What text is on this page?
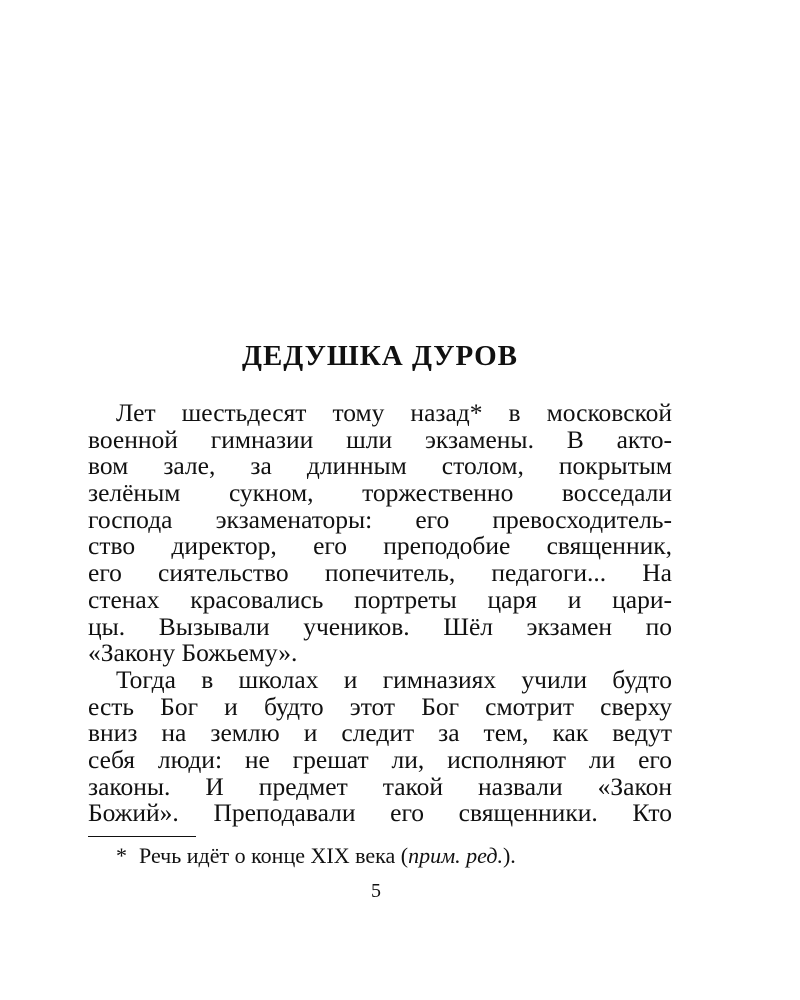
ДЕДУШКА ДУРОВ
Лет шестьдесят тому назад* в московской
военной гимназии шли экзамены. В акто-
вом зале, за длинным столом, покрытым
зелёным сукном, торжественно восседали
господа экзаменаторы: его превосходитель-
ство директор, его преподобие священник,
его сиятельство попечитель, педагоги... На
стенах красовались портреты царя и цари-
цы. Вызывали учеников. Шёл экзамен по
«Закону Божьему».
Тогда в школах и гимназиях учили будто
есть Бог и будто этот Бог смотрит сверху
вниз на землю и следит за тем, как ведут
себя люди: не грешат ли, исполняют ли его
законы. И предмет такой назвали «Закон
Божий». Преподавали его священники. Кто
* Речь идёт о конце XIX века (прим. ред.).
5
